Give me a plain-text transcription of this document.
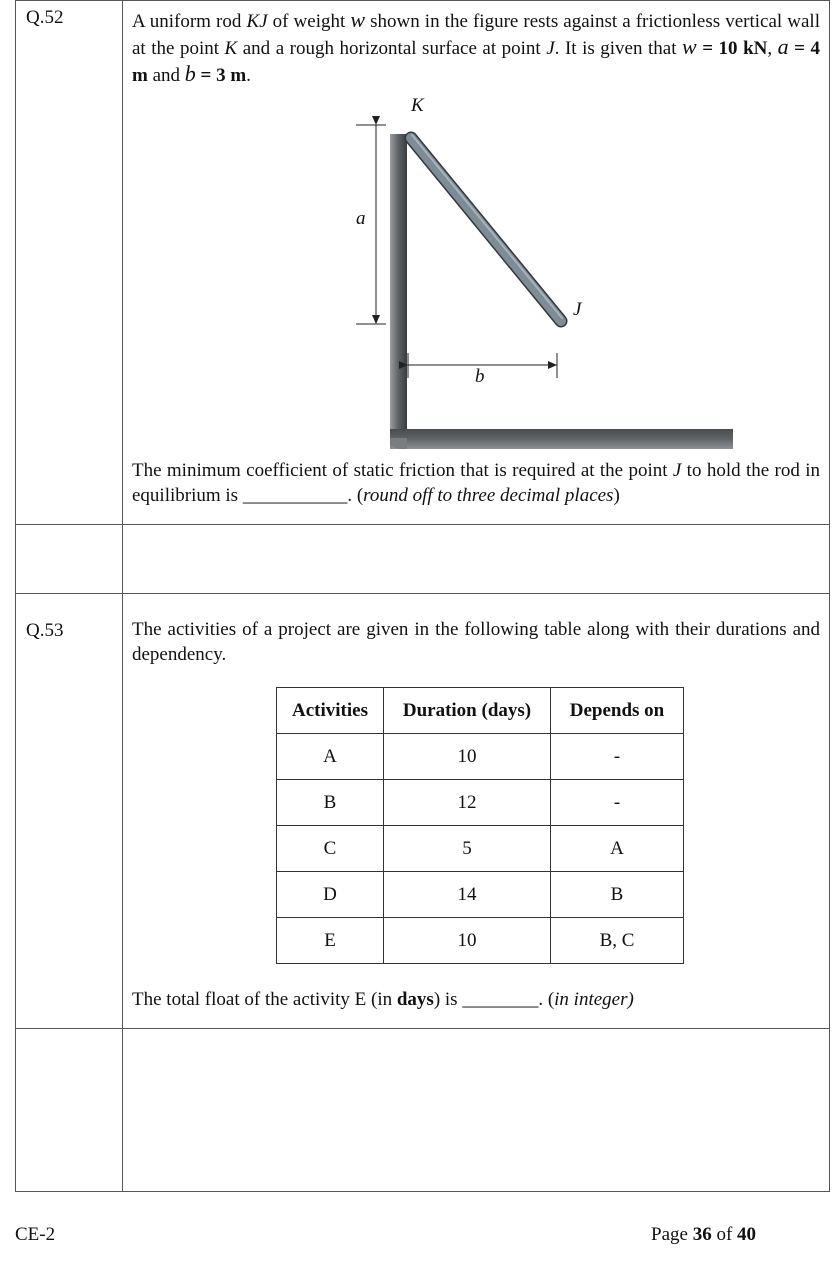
Q.52	A uniform rod KJ of weight w shown in the figure rests against a frictionless vertical wall at the point K and a rough horizontal surface at point J. It is given that w = 10 kN, a = 4 m and b = 3 m.

K
J
a
b

The minimum coefficient of static friction that is required at the point J to hold the rod in equilibrium is ___________. (round off to three decimal places)

Q.53	The activities of a project are given in the following table along with their durations and dependency.

Activities	Duration (days)	Depends on
A	10	-
B	12	-
C	5	A
D	14	B
E	10	B, C

The total float of the activity E (in days) is ________. (in integer)

CE-2	Page 36 of 40
